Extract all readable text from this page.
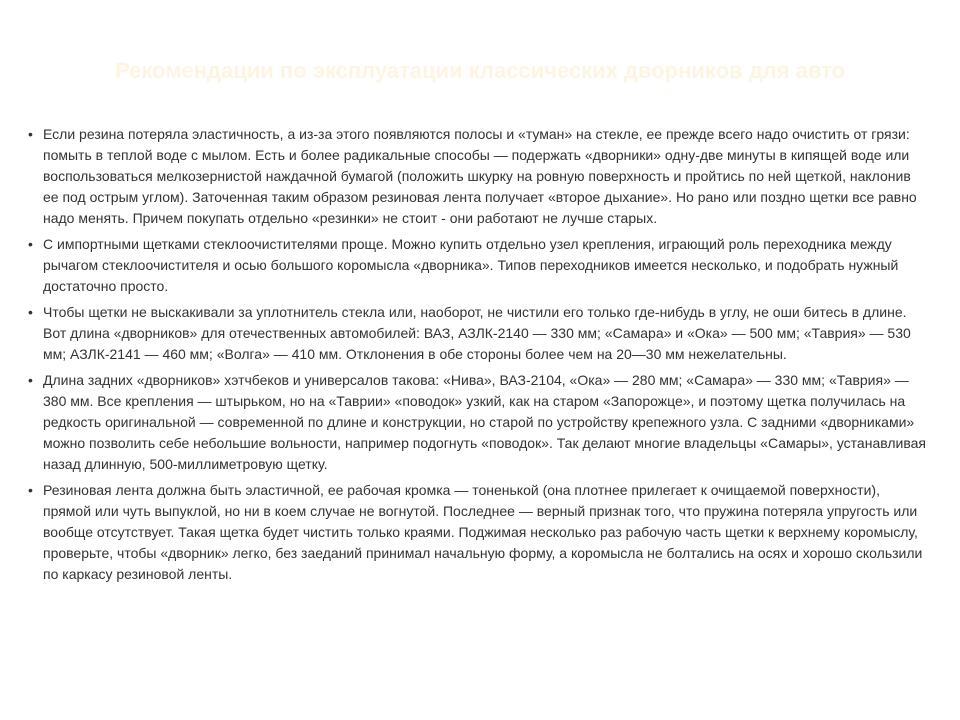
Рекомендации по эксплуатации классических дворников для авто
• Если резина потеряла эластичность, а из-за этого появляются полосы и «туман» на стекле, ее прежде всего надо очистить от грязи: помыть в теплой воде с мылом. Есть и более радикальные способы — подержать «дворники» одну-две минуты в кипящей воде или воспользоваться мелкозернистой наждачной бумагой (положить шкурку на ровную поверхность и пройтись по ней щеткой, наклонив ее под острым углом). Заточенная таким образом резиновая лента получает «второе дыхание». Но рано или поздно щетки все равно надо менять. Причем покупать отдельно «резинки» не стоит - они работают не лучше старых.
• С импортными щетками стеклоочистителями проще. Можно купить отдельно узел крепления, играющий роль переходника между рычагом стеклоочистителя и осью большого коромысла «дворника». Типов переходников имеется несколько, и подобрать нужный достаточно просто.
• Чтобы щетки не выскакивали за уплотнитель стекла или, наоборот, не чистили его только где-нибудь в углу, не оши битесь в длине. Вот длина «дворников» для отечественных автомобилей: ВАЗ, АЗЛК-2140 — 330 мм; «Самара» и «Ока» — 500 мм; «Таврия» — 530 мм; АЗЛК-2141 — 460 мм; «Волга» — 410 мм. Отклонения в обе стороны более чем на 20—30 мм нежелательны.
• Длина задних «дворников» хэтчбеков и универсалов такова: «Нива», ВАЗ-2104, «Ока» — 280 мм; «Самара» — 330 мм; «Таврия» — 380 мм. Все крепления — штырьком, но на «Таврии» «поводок» узкий, как на старом «Запорожце», и поэтому щетка получилась на редкость оригинальной — современной по длине и конструкции, но старой по устройству крепежного узла. С задними «дворниками» можно позволить себе небольшие вольности, например подогнуть «поводок». Так делают многие владельцы «Самары», устанавливая назад длинную, 500-миллиметровую щетку.
• Резиновая лента должна быть эластичной, ее рабочая кромка — тоненькой (она плотнее прилегает к очищаемой поверхности), прямой или чуть выпуклой, но ни в коем случае не вогнутой. Последнее — верный признак того, что пружина потеряла упругость или вообще отсутствует. Такая щетка будет чистить только краями. Поджимая несколько раз рабочую часть щетки к верхнему коромыслу, проверьте, чтобы «дворник» легко, без заеданий принимал начальную форму, а коромысла не болтались на осях и хорошо скользили по каркасу резиновой ленты.
